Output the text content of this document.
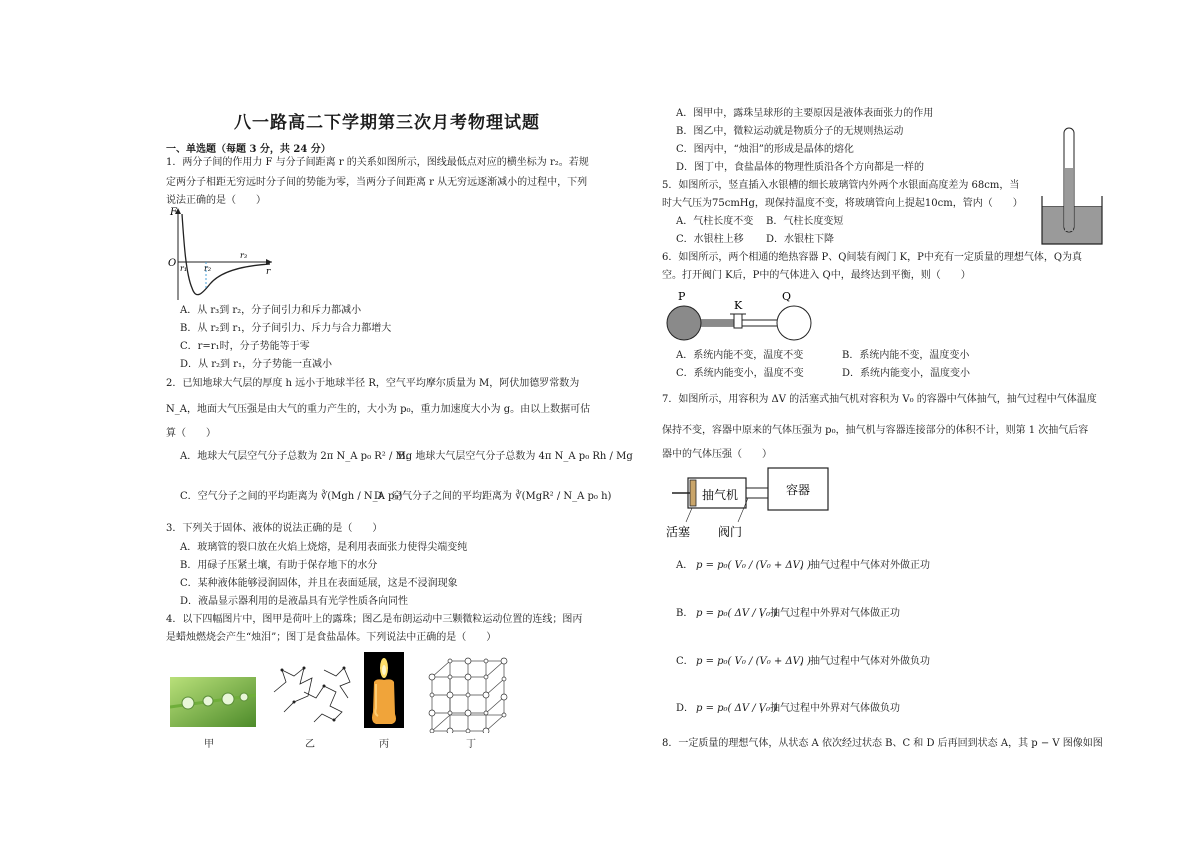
八一路高二下学期第三次月考物理试题
一、单选题（每题 3 分，共 24 分）
1．两分子间的作用力 F 与分子间距离 r 的关系如图所示，图线最低点对应的横坐标为 r₂。若规
定两分子相距无穷远时分子间的势能为零，当两分子间距离 r 从无穷远逐渐减小的过程中，下列
说法正确的是（　　）
F
O
r
r₁ r₂
r₃
A．从 r₃到 r₂，分子间引力和斥力都减小
B．从 r₂到 r₁，分子间引力、斥力与合力都增大
C．r=r₁时，分子势能等于零
D．从 r₂到 r₁，分子势能一直减小
2．已知地球大气层的厚度 h 远小于地球半径 R，空气平均摩尔质量为 M，阿伏加德罗常数为
N_A，地面大气压强是由大气的重力产生的，大小为 p₀，重力加速度大小为 g。由以上数据可估
算（　　）
A．地球大气层空气分子总数为 2π N_A p₀ R² / Mg
B．地球大气层空气分子总数为 4π N_A p₀ Rh / Mg
C．空气分子之间的平均距离为 ∛(Mgh / N_A p₀)
D．空气分子之间的平均距离为 ∛(MgR² / N_A p₀ h)
3．下列关于固体、液体的说法正确的是（　　）
A．玻璃管的裂口放在火焰上烧熔，是利用表面张力使得尖端变纯
B．用碌子压紧土壤，有助于保存地下的水分
C．某种液体能够浸润固体，并且在表面延展，这是不浸润现象
D．液晶显示器利用的是液晶具有光学性质各向同性
4．以下四幅图片中，图甲是荷叶上的露珠；图乙是布朗运动中三颗微粒运动位置的连线；图丙
是蜡烛燃烧会产生“烛泪”；图丁是食盐晶体。下列说法中正确的是（　　）
甲	乙	丙	丁
A．图甲中，露珠呈球形的主要原因是液体表面张力的作用
B．图乙中，微粒运动就是物质分子的无规则热运动
C．图丙中，“烛泪”的形成是晶体的熔化
D．图丁中，食盐晶体的物理性质沿各个方向都是一样的
5．如图所示，竖直插入水银槽的细长玻璃管内外两个水银面高度差为 68cm，当
时大气压为75cmHg，现保持温度不变，将玻璃管向上提起10cm，管内（　　）
A．气柱长度不变 B．气柱长度变短
C．水银柱上移 D．水银柱下降
6．如图所示，两个相通的绝热容器 P、Q间装有阀门 K，P中充有一定质量的理想气体，Q为真
空。打开阀门 K后，P中的气体进入 Q中，最终达到平衡，则（　　）
P
K
Q
A．系统内能不变，温度不变	B．系统内能不变，温度变小
C．系统内能变小，温度不变	D．系统内能变小，温度变小
7．如图所示，用容积为 ΔV 的活塞式抽气机对容积为 V₀ 的容器中气体抽气，抽气过程中气体温度
保持不变，容器中原来的气体压强为 p₀，抽气机与容器连接部分的体积不计，则第 1 次抽气后容
器中的气体压强（　　）
抽气机	容器
活塞 阀门
A． p = p₀( V₀ / (V₀ + ΔV) )
，抽气过程中气体对外做正功
B． p = p₀( ΔV / V₀ )
，抽气过程中外界对气体做正功
C． p = p₀( V₀ / (V₀ + ΔV) )
，抽气过程中气体对外做负功
D． p = p₀( ΔV / V₀ )
，抽气过程中外界对气体做负功
8．一定质量的理想气体，从状态 A 依次经过状态 B、C 和 D 后再回到状态 A，其 p − V 图像如图
